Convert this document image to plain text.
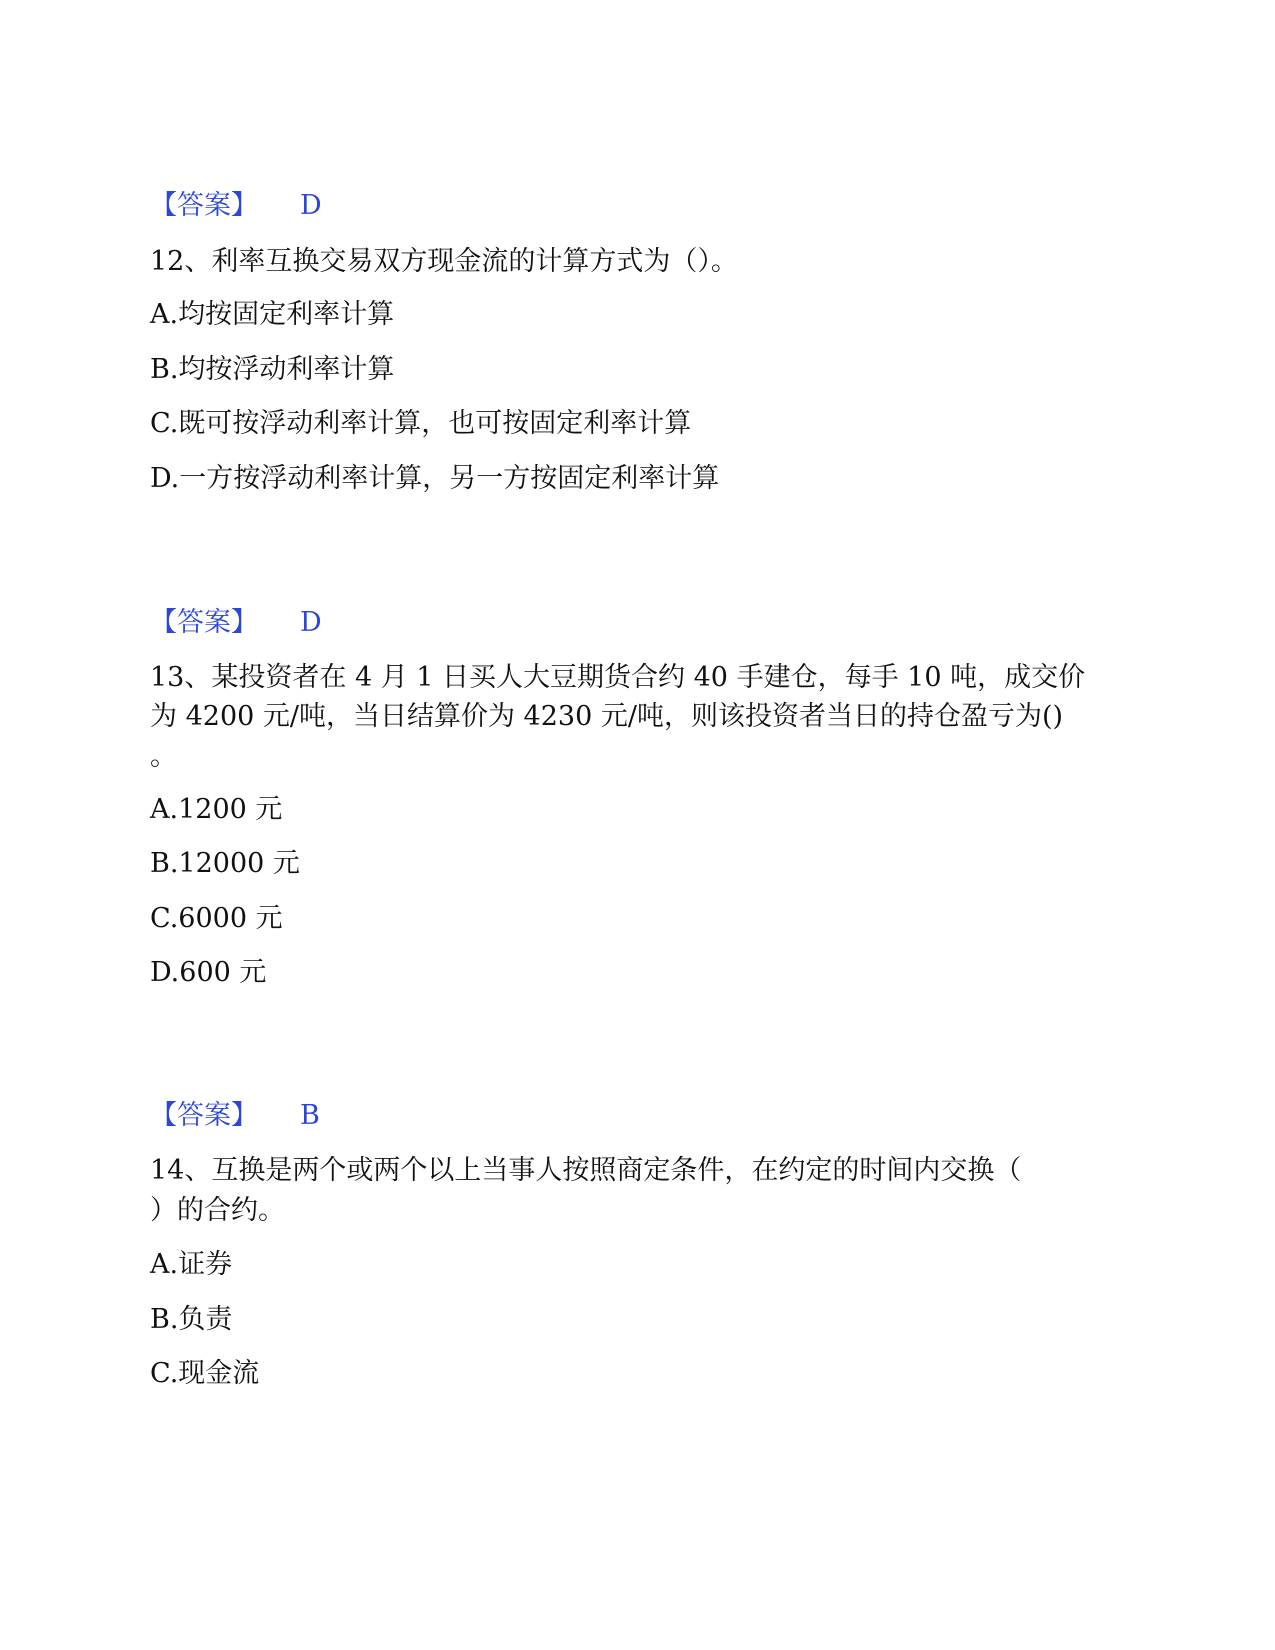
【答案】 D
12、利率互换交易双方现金流的计算方式为（）。
A.均按固定利率计算
B.均按浮动利率计算
C.既可按浮动利率计算，也可按固定利率计算
D.一方按浮动利率计算，另一方按固定利率计算
【答案】 D
13、某投资者在 4 月 1 日买人大豆期货合约 40 手建仓，每手 10 吨，成交价
为 4200 元/吨，当日结算价为 4230 元/吨，则该投资者当日的持仓盈亏为()
。
A.1200 元
B.12000 元
C.6000 元
D.600 元
【答案】 B
14、互换是两个或两个以上当事人按照商定条件，在约定的时间内交换（
）的合约。
A.证券
B.负责
C.现金流
